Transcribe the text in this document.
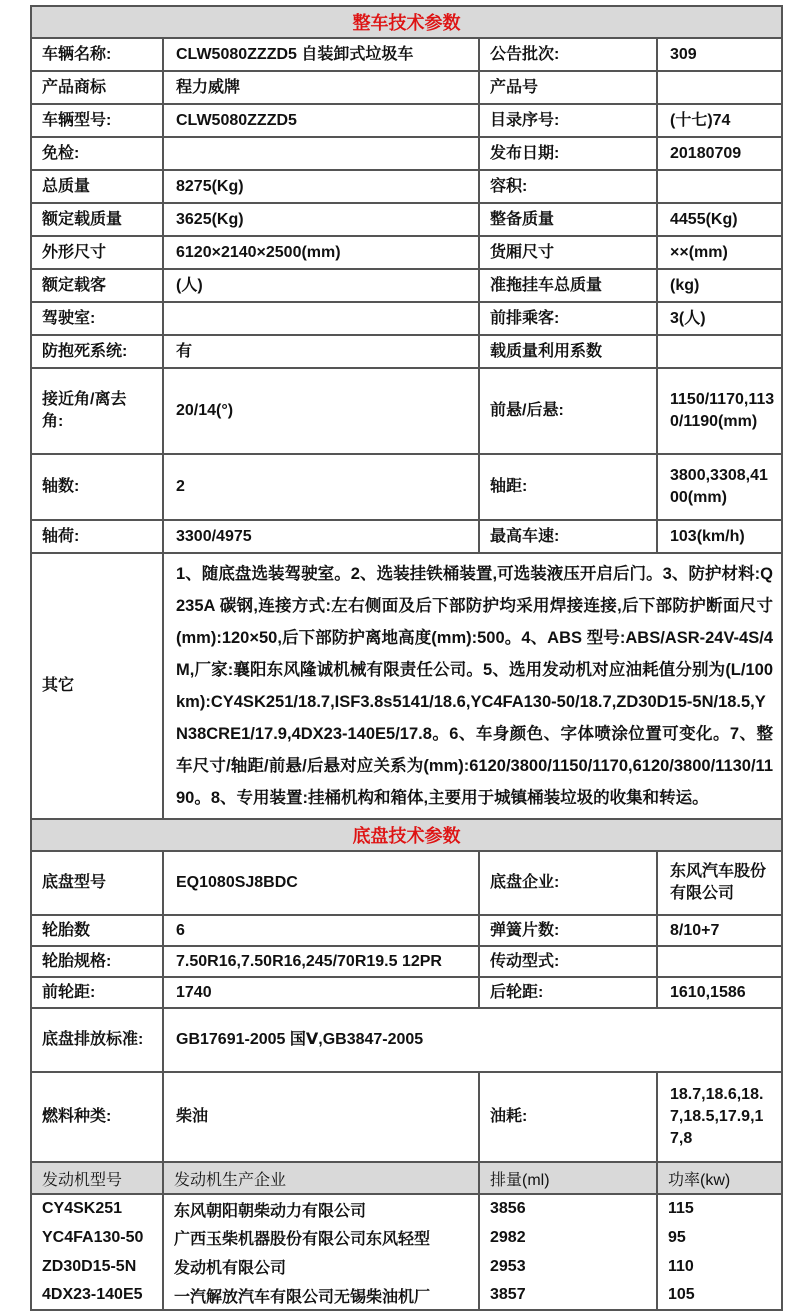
整车技术参数			
车辆名称:	CLW5080ZZZD5 自装卸式垃圾车	公告批次:	309
产品商标	程力威牌	产品号	
车辆型号:	CLW5080ZZZD5	目录序号:	(十七)74
免检:		发布日期:	20180709
总质量	8275(Kg)	容积:	
额定载质量	3625(Kg)	整备质量	4455(Kg)
外形尺寸	6120×2140×2500(mm)	货厢尺寸	××(mm)
额定载客	(人)	准拖挂车总质量	(kg)
驾驶室:		前排乘客:	3(人)
防抱死系统:	有	载质量利用系数	
接近角/离去角:	20/14(°)	前悬/后悬:	1150/1170,1130/1190(mm)
轴数:	2	轴距:	3800,3308,4100(mm)
轴荷:	3300/4975	最高车速:	103(km/h)
其它	1、随底盘选装驾驶室。2、选装挂铁桶装置,可选装液压开启后门。3、防护材料:Q235A 碳钢,连接方式:左右侧面及后下部防护均采用焊接连接,后下部防护断面尺寸(mm):120×50,后下部防护离地高度(mm):500。4、ABS 型号:ABS/ASR-24V-4S/4M,厂家:襄阳东风隆诚机械有限责任公司。5、选用发动机对应油耗值分别为(L/100km):CY4SK251/18.7,ISF3.8s5141/18.6,YC4FA130-50/18.7,ZD30D15-5N/18.5,YN38CRE1/17.9,4DX23-140E5/17.8。6、车身颜色、字体喷涂位置可变化。7、整车尺寸/轴距/前悬/后悬对应关系为(mm):6120/3800/1150/1170,6120/3800/1130/1190。8、专用装置:挂桶机构和箱体,主要用于城镇桶装垃圾的收集和转运。		
底盘技术参数			
底盘型号	EQ1080SJ8BDC	底盘企业:	东风汽车股份有限公司
轮胎数	6	弹簧片数:	8/10+7
轮胎规格:	7.50R16,7.50R16,245/70R19.5 12PR	传动型式:	
前轮距:	1740	后轮距:	1610,1586
底盘排放标准:	GB17691-2005 国Ⅴ,GB3847-2005		
燃料种类:	柴油	油耗:	18.7,18.6,18.7,18.5,17.9,17,8
发动机型号	发动机生产企业	排量(ml)	功率(kw)
CY4SK251	东风朝阳朝柴动力有限公司	3856	115
YC4FA130-50	广西玉柴机器股份有限公司东风轻型	2982	95
ZD30D15-5N	发动机有限公司	2953	110
4DX23-140E5	一汽解放汽车有限公司无锡柴油机厂	3857	105
